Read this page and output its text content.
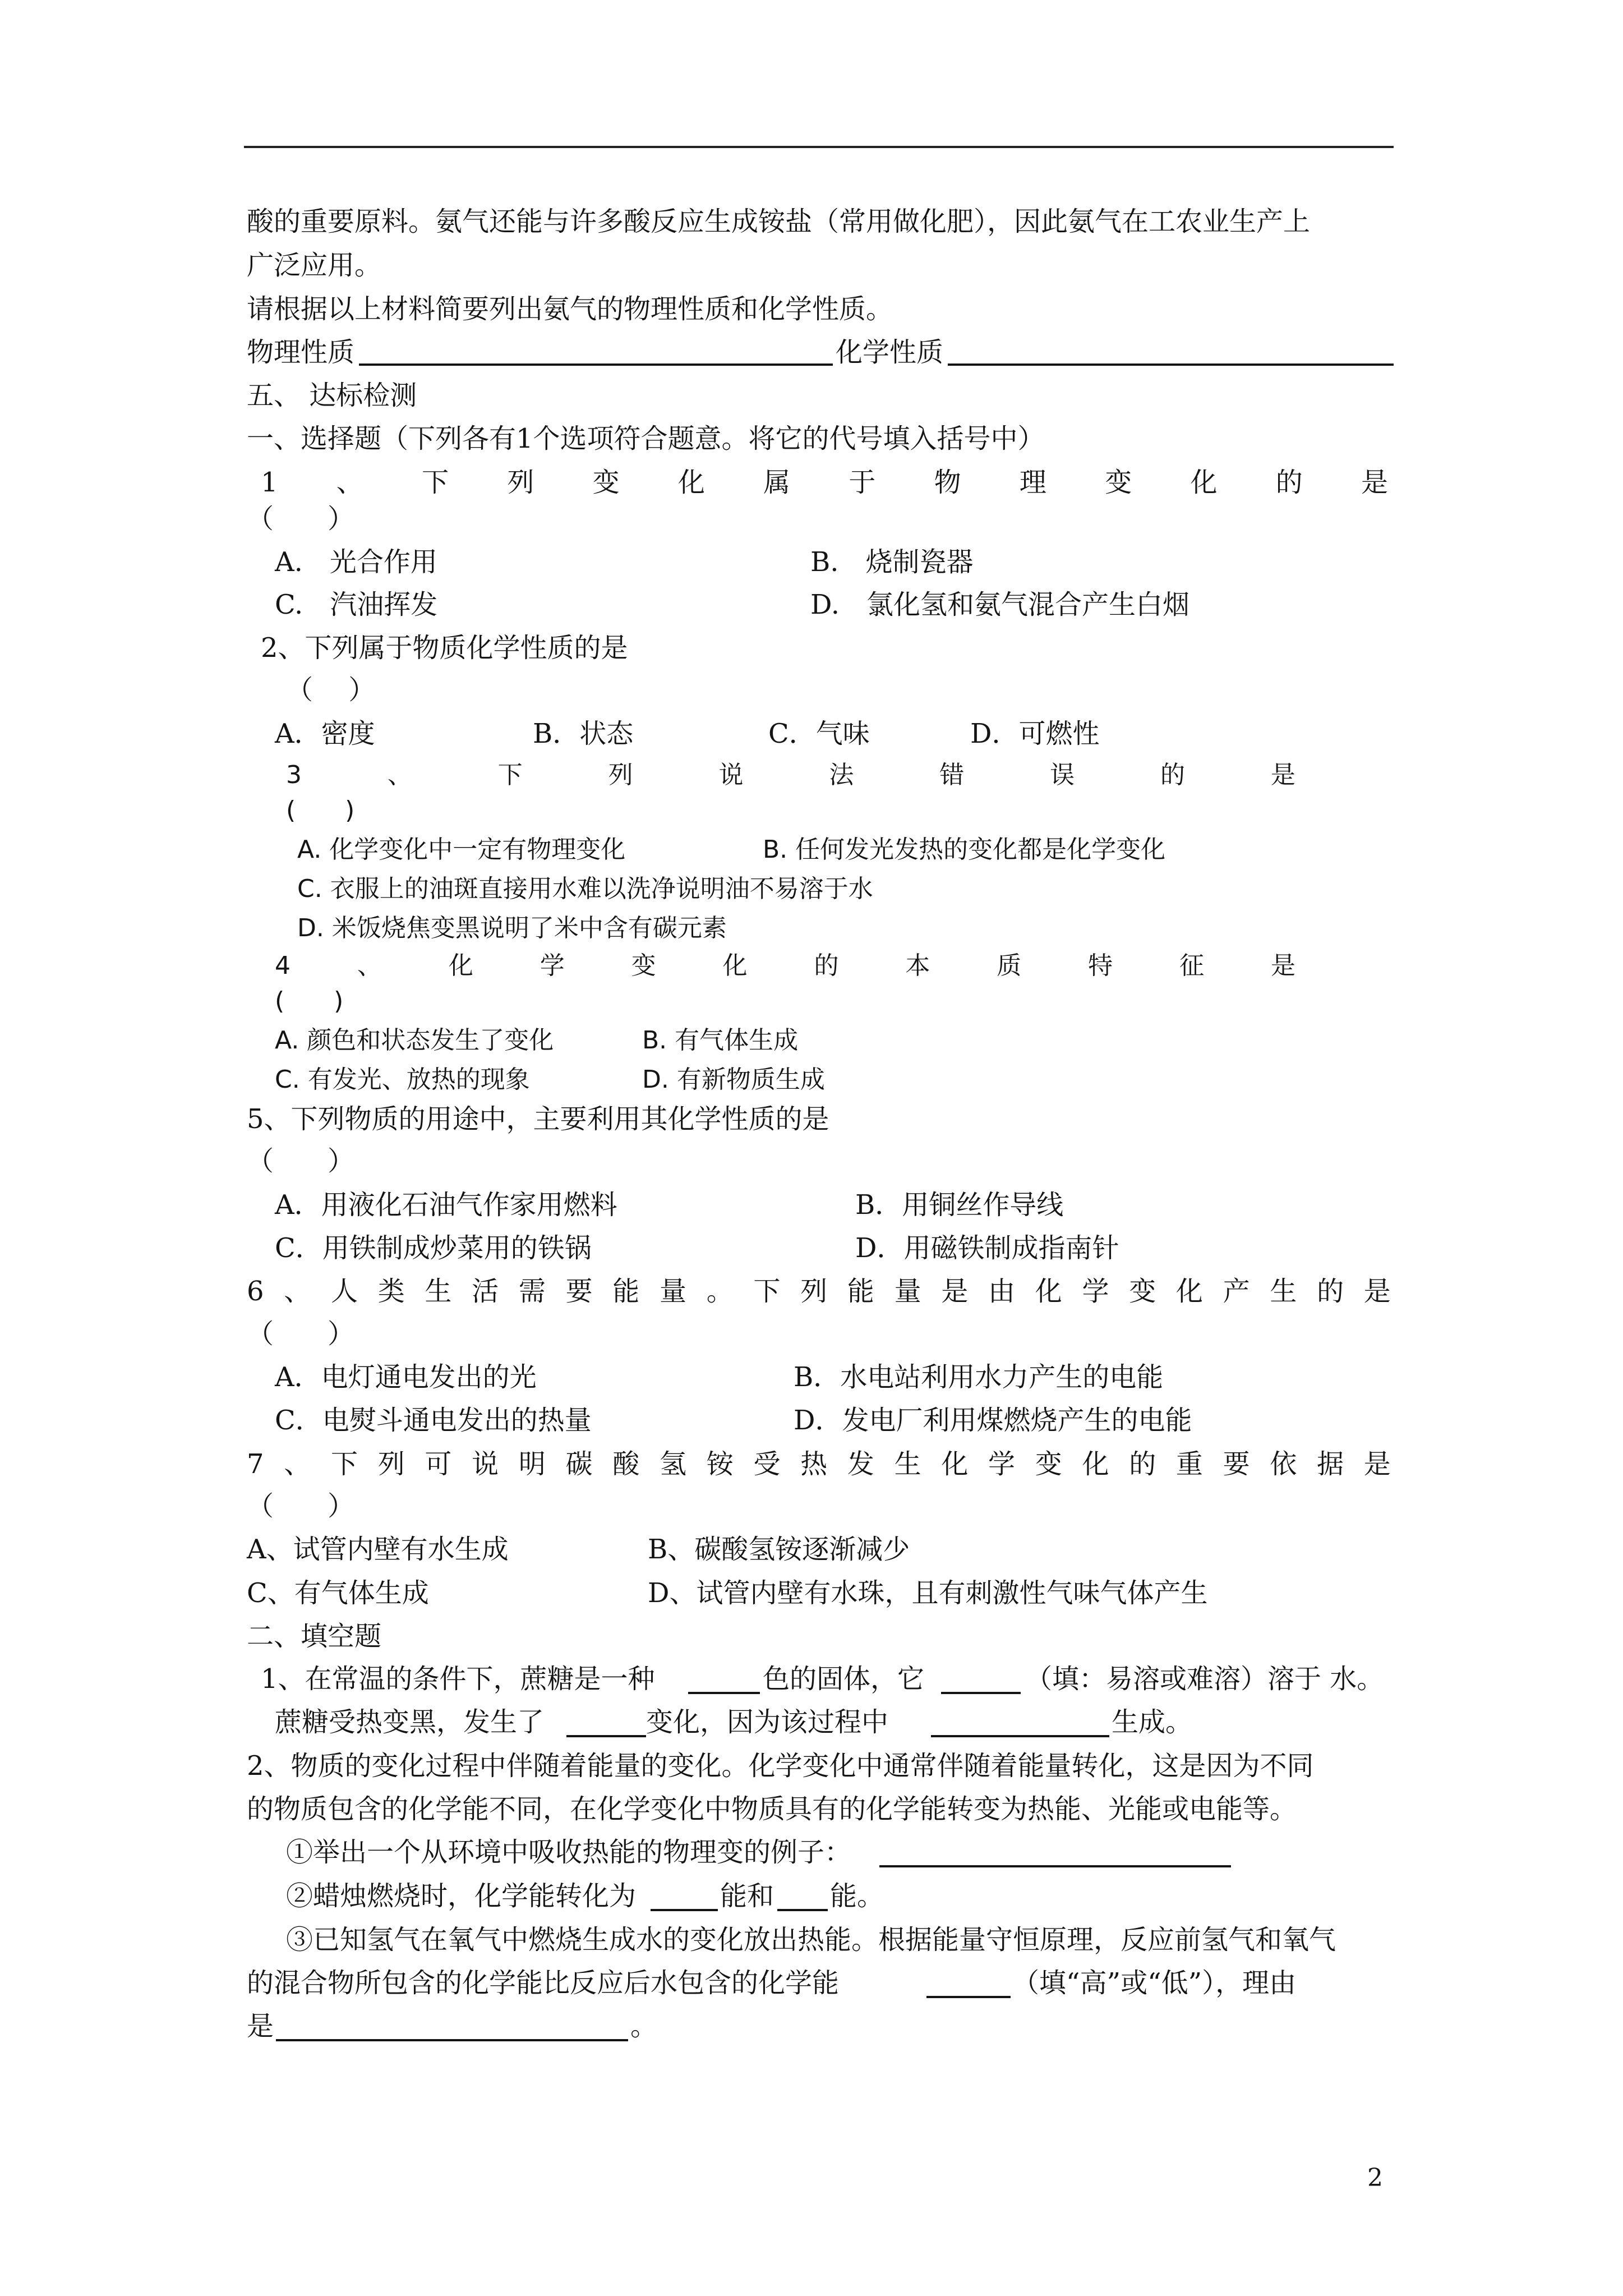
酸的重要原料。氨气还能与许多酸反应生成铵盐（常用做化肥），因此氨气在工农业生产上
广泛应用。
请根据以上材料简要列出氨气的物理性质和化学性质。
物理性质	化学性质
五、 达标检测
一、选择题（下列各有1个选项符合题意。将它的代号填入括号中）
1 、 下 列 变 化 属 于 物 理 变 化 的 是
（　　）
A.　光合作用	B.　烧制瓷器
C.　汽油挥发	D.　氯化氢和氨气混合产生白烟
2、下列属于物质化学性质的是
（　 ）
A．密度	B．状态	C．气味	D．可燃性
3	、	下	列	说	法	错	误	的	是
(　　)
A. 化学变化中一定有物理变化	B. 任何发光发热的变化都是化学变化
C. 衣服上的油斑直接用水难以洗净说明油不易溶于水
D. 米饭烧焦变黑说明了米中含有碳元素
4	、	化	学	变	化	的	本	质	特	征	是
(　　)
A. 颜色和状态发生了变化	B. 有气体生成
C. 有发光、放热的现象	D. 有新物质生成
5、下列物质的用途中，主要利用其化学性质的是
（　　）
A．用液化石油气作家用燃料	B．用铜丝作导线
C．用铁制成炒菜用的铁锅	D．用磁铁制成指南针
6 、 人 类 生 活 需 要 能 量 。 下 列 能 量 是 由 化 学 变 化 产 生 的 是
（　　）
A．电灯通电发出的光	B．水电站利用水力产生的电能
C．电熨斗通电发出的热量	D．发电厂利用煤燃烧产生的电能
7 、 下 列 可 说 明 碳 酸 氢 铵 受 热 发 生 化 学 变 化 的 重 要 依 据 是
（　　）
A、试管内壁有水生成	B、碳酸氢铵逐渐减少
C、有气体生成	D、试管内壁有水珠，且有刺激性气味气体产生
二、填空题
1、在常温的条件下，蔗糖是一种	色的固体，它	（填：易溶或难溶）溶于 水。
蔗糖受热变黑，发生了	变化，因为该过程中	生成。
2、物质的变化过程中伴随着能量的变化。化学变化中通常伴随着能量转化，这是因为不同
的物质包含的化学能不同，在化学变化中物质具有的化学能转变为热能、光能或电能等。
①举出一个从环境中吸收热能的物理变的例子：
②蜡烛燃烧时，化学能转化为	能和 能。
③已知氢气在氧气中燃烧生成水的变化放出热能。根据能量守恒原理，反应前氢气和氧气
的混合物所包含的化学能比反应后水包含的化学能	（填“高”或“低”），理由
是	。
2
